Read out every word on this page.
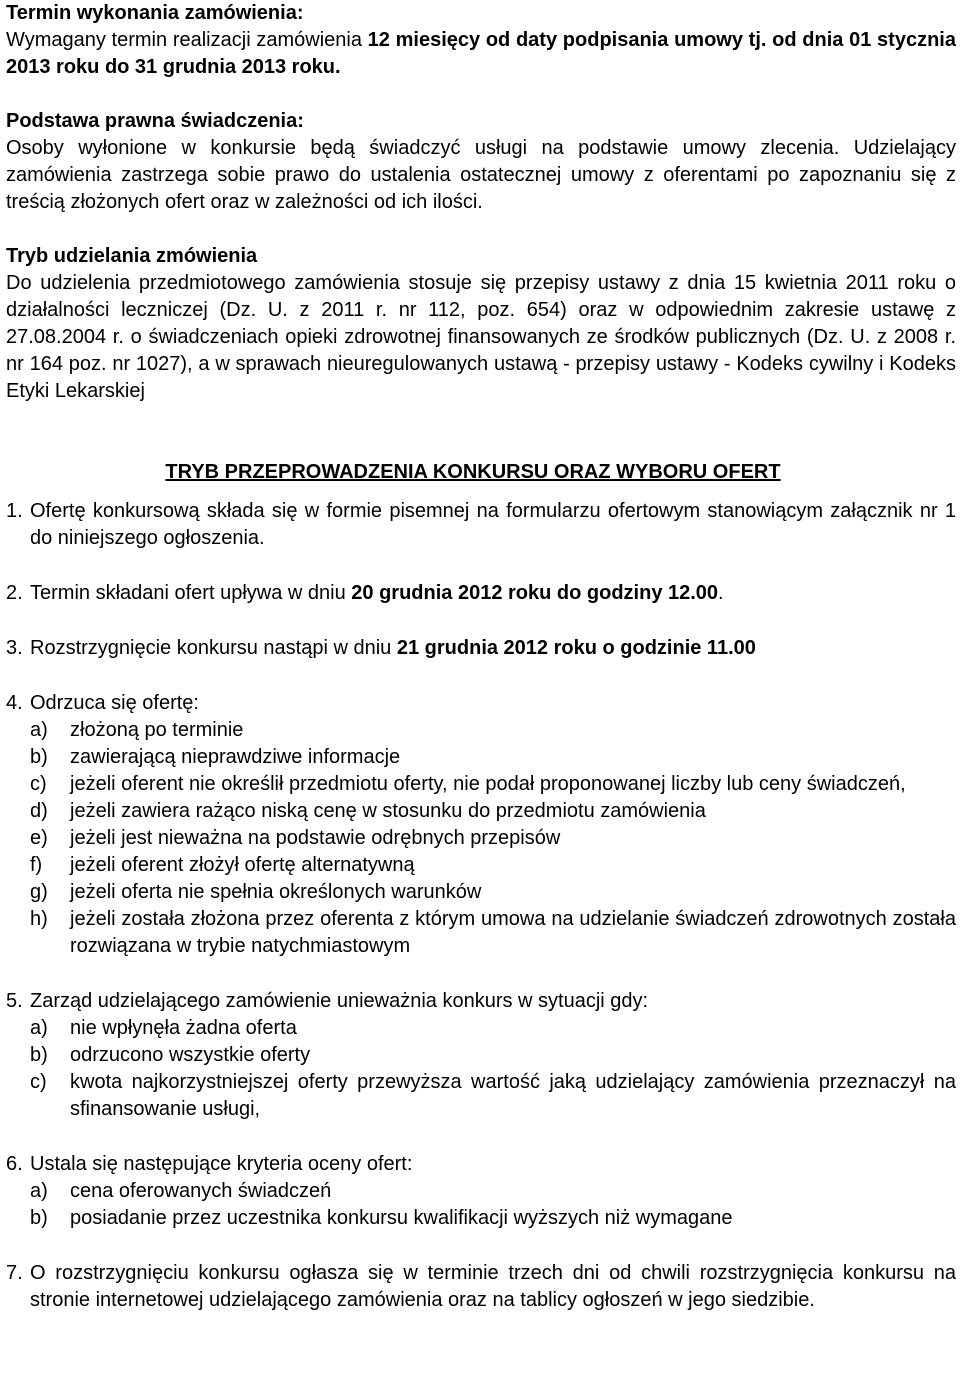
Termin wykonania zamówienia:
Wymagany termin realizacji zamówienia 12 miesięcy od daty podpisania umowy tj. od dnia 01 stycznia 2013 roku do 31 grudnia 2013 roku.
Podstawa prawna świadczenia:
Osoby wyłonione w konkursie będą świadczyć usługi na podstawie umowy zlecenia. Udzielający zamówienia zastrzega sobie prawo do ustalenia ostatecznej umowy z oferentami po zapoznaniu się z treścią złożonych ofert oraz w zależności od ich ilości.
Tryb udzielania zmówienia
Do udzielenia przedmiotowego zamówienia stosuje się przepisy ustawy z dnia 15 kwietnia 2011 roku o działalności leczniczej (Dz. U. z 2011 r. nr 112, poz. 654) oraz w odpowiednim zakresie ustawę z 27.08.2004 r. o świadczeniach opieki zdrowotnej finansowanych ze środków publicznych (Dz. U. z 2008 r. nr 164 poz. nr 1027), a w sprawach nieuregulowanych ustawą - przepisy ustawy - Kodeks cywilny i Kodeks Etyki Lekarskiej
TRYB PRZEPROWADZENIA KONKURSU ORAZ WYBORU OFERT
1. Ofertę konkursową składa się w formie pisemnej na formularzu ofertowym stanowiącym załącznik nr 1 do niniejszego ogłoszenia.
2. Termin składani ofert upływa w dniu 20 grudnia 2012 roku do godziny 12.00.
3. Rozstrzygnięcie konkursu nastąpi w dniu 21 grudnia 2012 roku o godzinie 11.00
4. Odrzuca się ofertę:
a)	złożoną po terminie
b)	zawierającą nieprawdziwe informacje
c)	jeżeli oferent nie określił przedmiotu oferty, nie podał proponowanej liczby lub ceny świadczeń,
d)	jeżeli zawiera rażąco niską cenę w stosunku do przedmiotu zamówienia
e)	jeżeli jest nieważna na podstawie odrębnych przepisów
f)	jeżeli oferent złożył ofertę alternatywną
g)	jeżeli oferta nie spełnia określonych warunków
h)	jeżeli została złożona przez oferenta z którym umowa na udzielanie świadczeń zdrowotnych została rozwiązana w trybie natychmiastowym
5. Zarząd udzielającego zamówienie unieważnia konkurs w sytuacji gdy:
a)	nie wpłynęła żadna oferta
b)	odrzucono wszystkie oferty
c)	kwota najkorzystniejszej oferty przewyższa wartość jaką udzielający zamówienia przeznaczył na sfinansowanie usługi,
6. Ustala się następujące kryteria oceny ofert:
a)	cena oferowanych świadczeń
b)	posiadanie przez uczestnika konkursu kwalifikacji wyższych niż wymagane
7. O rozstrzygnięciu konkursu ogłasza się w terminie trzech dni od chwili rozstrzygnięcia konkursu na stronie internetowej udzielającego zamówienia oraz na tablicy ogłoszeń w jego siedzibie.
